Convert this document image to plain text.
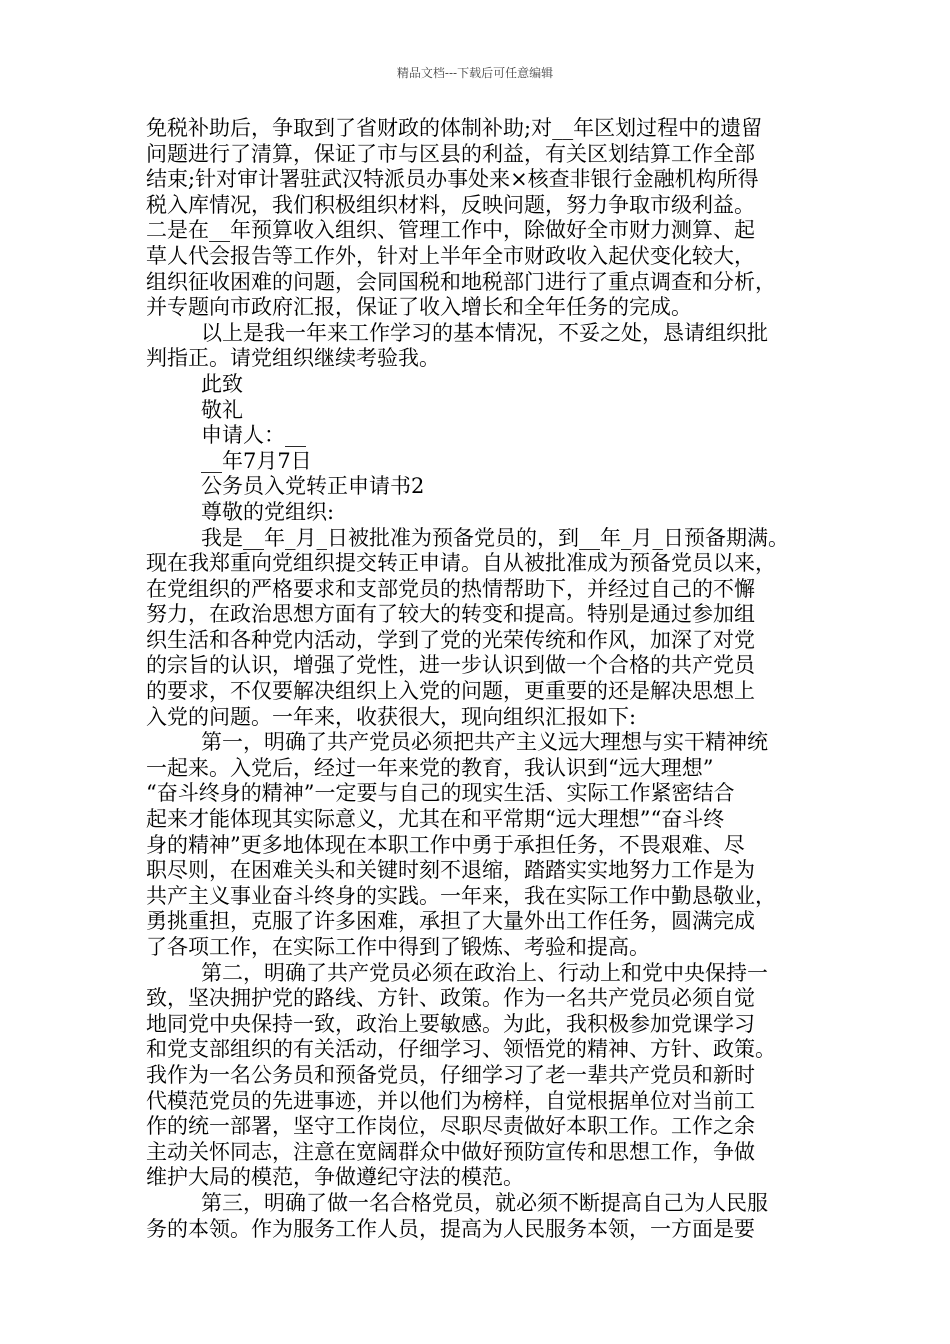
精品文档---下载后可任意编辑
免税补助后，争取到了省财政的体制补助;对__年区划过程中的遗留
问题进行了清算，保证了市与区县的利益，有关区划结算工作全部
结束;针对审计署驻武汉特派员办事处来×核查非银行金融机构所得
税入库情况，我们积极组织材料，反映问题，努力争取市级利益。
二是在__年预算收入组织、管理工作中，除做好全市财力测算、起
草人代会报告等工作外，针对上半年全市财政收入起伏变化较大，
组织征收困难的问题，会同国税和地税部门进行了重点调查和分析，
并专题向市政府汇报，保证了收入增长和全年任务的完成。
以上是我一年来工作学习的基本情况，不妥之处，恳请组织批
判指正。请党组织继续考验我。
此致
敬礼
申请人：__
__年7月7日
公务员入党转正申请书2
尊敬的党组织:
我是__年_月_日被批准为预备党员的，到__年_月_日预备期满。
现在我郑重向党组织提交转正申请。自从被批准成为预备党员以来，
在党组织的严格要求和支部党员的热情帮助下，并经过自己的不懈
努力，在政治思想方面有了较大的转变和提高。特别是通过参加组
织生活和各种党内活动，学到了党的光荣传统和作风，加深了对党
的宗旨的认识，增强了党性，进一步认识到做一个合格的共产党员
的要求，不仅要解决组织上入党的问题，更重要的还是解决思想上
入党的问题。一年来，收获很大，现向组织汇报如下:
第一，明确了共产党员必须把共产主义远大理想与实干精神统
一起来。入党后，经过一年来党的教育，我认识到“远大理想”
“奋斗终身的精神”一定要与自己的现实生活、实际工作紧密结合
起来才能体现其实际意义，尤其在和平常期“远大理想”“奋斗终
身的精神”更多地体现在本职工作中勇于承担任务，不畏艰难、尽
职尽则，在困难关头和关键时刻不退缩，踏踏实实地努力工作是为
共产主义事业奋斗终身的实践。一年来，我在实际工作中勤恳敬业，
勇挑重担，克服了许多困难，承担了大量外出工作任务，圆满完成
了各项工作，在实际工作中得到了锻炼、考验和提高。
第二，明确了共产党员必须在政治上、行动上和党中央保持一
致，坚决拥护党的路线、方针、政策。作为一名共产党员必须自觉
地同党中央保持一致，政治上要敏感。为此，我积极参加党课学习
和党支部组织的有关活动，仔细学习、领悟党的精神、方针、政策。
我作为一名公务员和预备党员，仔细学习了老一辈共产党员和新时
代模范党员的先进事迹，并以他们为榜样，自觉根据单位对当前工
作的统一部署，坚守工作岗位，尽职尽责做好本职工作。工作之余
主动关怀同志，注意在宽阔群众中做好预防宣传和思想工作，争做
维护大局的模范，争做遵纪守法的模范。
第三，明确了做一名合格党员，就必须不断提高自己为人民服
务的本领。作为服务工作人员，提高为人民服务本领，一方面是要
